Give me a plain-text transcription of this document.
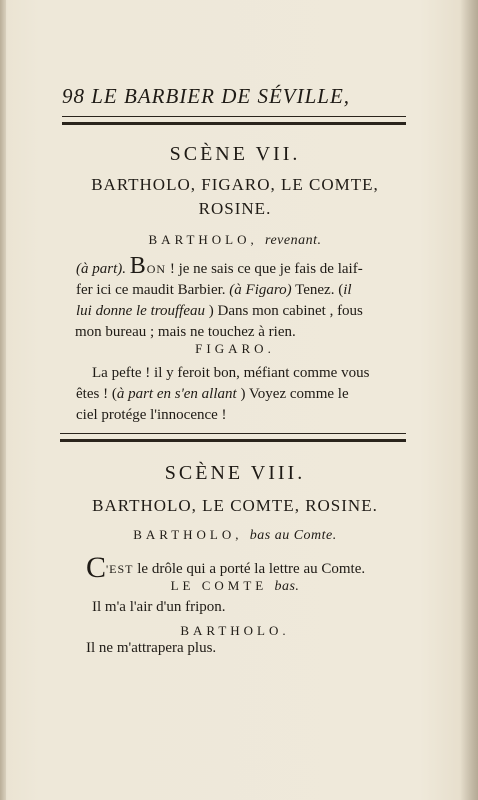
98 LE BARBIER DE SÉVILLE,
SCÈNE VII.
BARTHOLO, FIGARO, LE COMTE,
ROSINE.
BARTHOLO, revenant.
(à part). BON ! je ne sais ce que je fais de laif-
fer ici ce maudit Barbier. (à Figaro) Tenez. (il
lui donne le trouffeau ) Dans mon cabinet , fous
mon bureau ; mais ne touchez à rien.
FIGARO.
La pefte ! il y feroit bon, méfiant comme vous
êtes ! (à part en s'en allant ) Voyez comme le
ciel protége l'innocence !
SCÈNE VIII.
BARTHOLO, LE COMTE, ROSINE.
BARTHOLO, bas au Comte.
C'EST le drôle qui a porté la lettre au Comte.
LE COMTE bas.
Il m'a l'air d'un fripon.
BARTHOLO.
Il ne m'attrapera plus.
